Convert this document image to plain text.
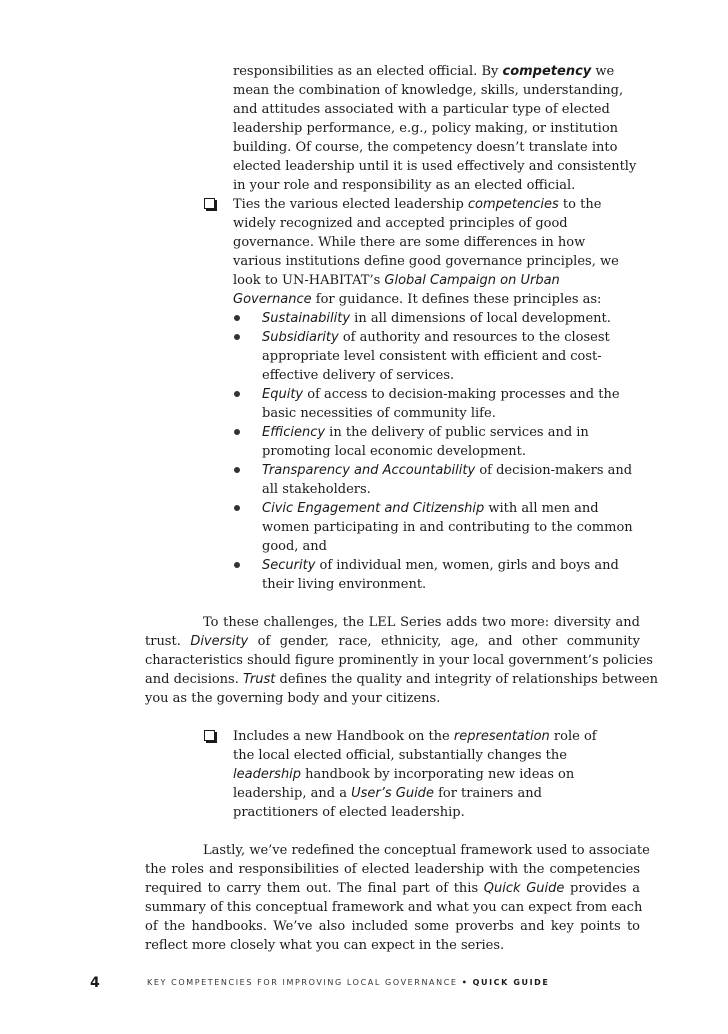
responsibilities as an elected official. By competency we
mean the combination of knowledge, skills, understanding,
and attitudes associated with a particular type of elected
leadership performance, e.g., policy making, or institution
building. Of course, the competency doesn’t translate into
elected leadership until it is used effectively and consistently
in your role and responsibility as an elected official.
Ties the various elected leadership competencies to the
widely recognized and accepted principles of good
governance. While there are some differences in how
various institutions define good governance principles, we
look to UN-HABITAT’s Global Campaign on Urban
Governance for guidance. It defines these principles as:
Sustainability in all dimensions of local development.
Subsidiarity of authority and resources to the closest
appropriate level consistent with efficient and cost-
effective delivery of services.
Equity of access to decision-making processes and the
basic necessities of community life.
Efficiency in the delivery of public services and in
promoting local economic development.
Transparency and Accountability of decision-makers and
all stakeholders.
Civic Engagement and Citizenship with all men and
women participating in and contributing to the common
good, and
Security of individual men, women, girls and boys and
their living environment.
To these challenges, the LEL Series adds two more: diversity and
trust. Diversity of gender, race, ethnicity, age, and other community
characteristics should figure prominently in your local government’s policies
and decisions. Trust defines the quality and integrity of relationships between
you as the governing body and your citizens.
Includes a new Handbook on the representation role of
the local elected official, substantially changes the
leadership handbook by incorporating new ideas on
leadership, and a User’s Guide for trainers and
practitioners of elected leadership.
Lastly, we’ve redefined the conceptual framework used to associate
the roles and responsibilities of elected leadership with the competencies
required to carry them out. The final part of this Quick Guide provides a
summary of this conceptual framework and what you can expect from each
of the handbooks. We’ve also included some proverbs and key points to
reflect more closely what you can expect in the series.
4	KEY COMPETENCIES FOR IMPROVING LOCAL GOVERNANCE • QUICK GUIDE
